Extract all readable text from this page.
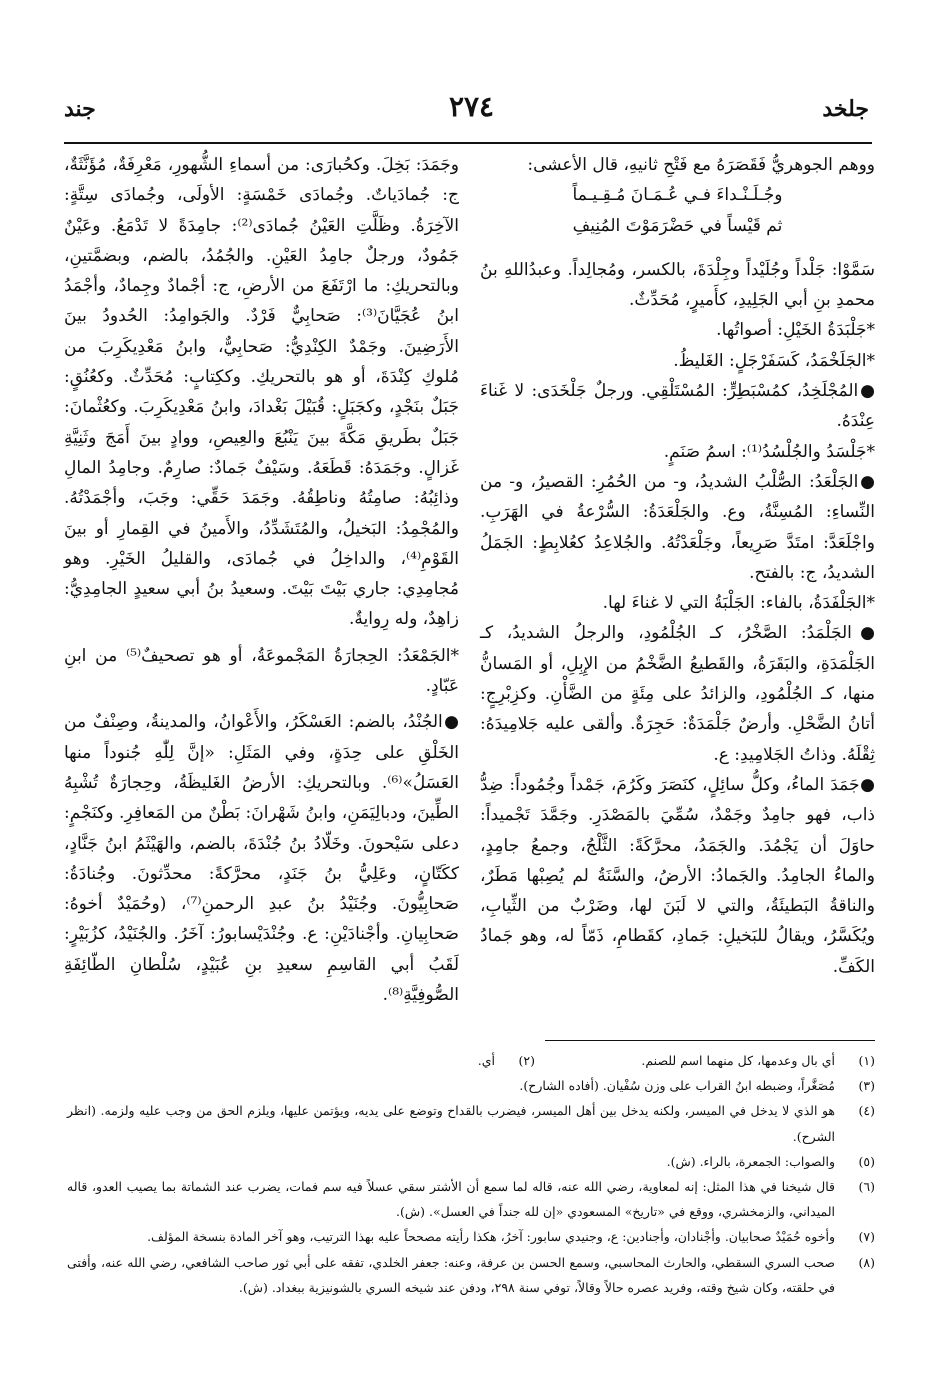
جلخد
٢٧٤
جند

ووهم الجوهريُّ فَقَصَرَهُ مع فَتْحِ ثانيهِ، قال الأعشى:

وجُـلَـنْـداءَ فـي عُـمَـانَ مُـقِـيـماً

ثم قَيْساً في حَضْرَمَوْتَ المُنِيفِ

سَمَّوْا: جَلْداً وجُلَيْداً وجِلْدَةَ، بالكسر، ومُجالِداً. وعبدُاللهِ بنُ محمدِ بنِ أبي الجَلِيدِ، كأَميرٍ، مُحَدِّثٌ.

*جَلْبَدَةُ الخَيْلِ: أصواتُها.

*الجَلَخْمَدُ، كَسَفَرْجَلٍ: الغَليظُ.

●المُجْلَخِدُ، كمُسْبَطِرٍّ: المُسْتَلْقِي. ورجلٌ جَلْخَدَى: لا غَناءَ عِنْدَهُ.

*جَلْسَدُ والجُلْسُدُ⁽¹⁾: اسمُ صَنَمٍ.

●الجَلْعَدُ: الصُّلْبُ الشديدُ، و- من الحُمُرِ: القصيرُ، و- من النِّساءِ: المُسِنَّةُ، وع. والجَلْعَدَةُ: السُّرْعةُ في الهَرَبِ. واجْلَعَدَّ: امتَدَّ صَرِيعاً، وجَلْعَدْتُهُ. والجُلاعِدُ كعُلابِطٍ: الجَمَلُ الشديدُ، ج: بالفتح.

*الجَلْفَدَةُ، بالفاء: الجَلْبَةُ التي لا غناءَ لها.

●الجَلْمَدُ: الصَّخْرُ، كـ الجُلْمُودِ، والرجلُ الشديدُ، كـ الجَلْمَدَةِ، والبَقَرَةُ، والقَطيعُ الضَّخْمُ من الإِبِلِ، أو المَسانُّ منها، كـ الجُلْمُودِ، والزائدُ على مِئَةٍ من الضَّأْنِ. وكزِبْرِجٍ: أتانُ الضَّحْلِ. وأرضٌ جَلْمَدَةٌ: حَجِرَةٌ. وألقى عليه جَلامِيدَهُ: ثِقْلَهُ. وذاتُ الجَلامِيدِ: ع.

●جَمَدَ الماءُ، وكلُّ سائِلٍ، كنَصَرَ وكَرُمَ، جَمْداً وجُمُوداً: ضِدُّ ذاب، فهو جامِدٌ وجَمْدٌ، سُمِّيَ بالمَصْدَرِ. وجَمَّدَ تَجْميداً: حاوَلَ أن يَجْمُدَ. والجَمَدُ، محرَّكَةً: الثَّلْجُ، وجمعُ جامِدٍ، والماءُ الجامِدُ. والجَمادُ: الأرضُ، والسَّنَةُ لم يُصِبْها مَطَرٌ، والناقةُ البَطيئَةُ، والتي لا لَبَنَ لها، وضَرْبٌ من الثِّيابِ، ويُكَسَّرُ، ويقالُ للبَخيلِ: جَمادِ، كقَطامِ، ذَمّاً له، وهو جَمادُ الكَفِّ.

وجَمَدَ: بَخِلَ. وكحُبارَى: من أسماءِ الشُّهورِ، مَعْرِفَةٌ، مُؤَنَّثَةٌ، ج: جُمادَياتٌ. وجُمادَى خَمْسَةٍ: الأولَى، وجُمادَى سِتَّةٍ: الآخِرَةُ. وظَلَّتِ العَيْنُ جُمادَى⁽²⁾: جامِدَةً لا تَدْمَعُ. وعَيْنٌ جَمُودٌ، ورجلٌ جامِدُ العَيْنِ. والجُمُدُ، بالضم، وبضمَّتينِ، وبالتحريكِ: ما ارْتَفَعَ من الأرضِ، ج: أجْمادٌ وجِمادٌ، وأجْمَدُ ابنُ عُجَيَّانَ⁽³⁾: صَحابِيٌّ فَرْدٌ. والجَوامِدُ: الحُدودُ بينَ الأَرَضِينَ. وجَمْدٌ الكِنْدِيُّ: صَحابِيٌّ، وابنُ مَعْدِيكَرِبَ من مُلوكِ كِنْدَةَ، أو هو بالتحريكِ. وككِتابٍ: مُحَدِّثٌ. وكعُنُقٍ: جَبَلٌ بنَجْدٍ، وكجَبَلٍ: قُبَيْلَ بَغْدادَ، وابنُ مَعْدِيكَرِبَ. وكعُثْمانَ: جَبَلٌ بطَريقِ مَكَّةَ بينَ يَنْبُعَ والعِيصِ، ووادٍ بينَ أَمَجَ وثَنِيَّةِ غَزالٍ. وجَمَدَهُ: قَطَعَهُ. وسَيْفٌ جَمادٌ: صارِمٌ. وجامِدُ المالِ وذائِبُهُ: صامِتُهُ وناطِقُهُ. وجَمَدَ حَقِّي: وجَبَ، وأجْمَدْتُهُ. والمُجْمِدُ: البَخيلُ، والمُتَشَدِّدُ، والأَمينُ في القِمارِ أو بينَ القَوْمِ⁽⁴⁾، والداخِلُ في جُمادَى، والقليلُ الخَيْرِ. وهو مُجامِدِي: جاري بَيْتَ بَيْتَ. وسعيدُ بنُ أبي سعيدٍ الجامِدِيُّ: زاهِدٌ، وله رِوايةٌ.

*الجَمْعَدُ: الحِجارَةُ المَجْموعَةُ، أو هو تصحيفٌ⁽⁵⁾ من ابنِ عَبّادٍ.

●الجُنْدُ، بالضم: العَسْكَرُ، والأَعْوانُ، والمدينةُ، وصِنْفٌ من الخَلْقِ على حِدَةٍ، وفي المَثَلِ: «إنَّ لِلّٰهِ جُنوداً منها العَسَلُ»⁽⁶⁾. وبالتحريكِ: الأرضُ الغَليظَةُ، وحِجارَةٌ تُشْبِهُ الطِّينَ، ودبالِيَمَنِ، وابنُ شَهْرانَ: بَطْنٌ من المَعافِرِ. وكنَجْمٍ: دعلى سَيْحونَ. وخَلّادُ بنُ جُنْدَةَ، بالضم، والهَيْثَمُ ابنُ جَنَّادٍ، ككَتّانٍ، وعَلِيُّ بنُ جَنَدٍ، محرَّكةً: محدِّثونَ. وجُنادَةُ: صَحابِيُّونَ. وجُنَيْدُ بنُ عبدِ الرحمنِ⁽⁷⁾، (وحُمَيْدٌ أخوهُ: صَحابِيانِ. وأجْنادَيْنِ: ع. وجُنْدَيْسابورُ: آخَرُ. والجُنَيْدُ، كزُبَيْرٍ: لَقَبُ أبي القاسِمِ سعيدِ بنِ عُبَيْدٍ، سُلْطانِ الطّائِفَةِ الصُّوفِيَّةِ⁽⁸⁾.

(١)
أي بال وعدمها، كل منهما اسم للصنم.
(٢)
أي.
(٣)
مُصَغَّراً، وضبطه ابنُ القراب على وزن سُفْيان. (أفاده الشارح).
(٤)
هو الذي لا يدخل في الميسر، ولكنه يدخل بين أهل الميسر، فيضرب بالقداح وتوضع على يديه، ويؤتمن عليها، ويلزم الحق من وجب عليه ولزمه. (انظر الشرح).
(٥)
والصواب: الجمعرة، بالراء. (ش).
(٦)
قال شيخنا في هذا المثل: إنه لمعاوية، رضي الله عنه، قاله لما سمع أن الأشتر سقي عسلاً فيه سم فمات، يضرب عند الشماتة بما يصيب العدو، قاله الميداني، والزمخشري، ووقع في «تاريخ» المسعودي «إن لله جنداً في العسل». (ش).
(٧)
وأخوه حُمَيْدٌ صحابيان. وأجْنادان، وأجنادين: ع، وجنيدي سابور: آخرُ، هكذا رأيته مصححاً عليه بهذا الترتيب، وهو آخر المادة بنسخة المؤلف.
(٨)
صحب السري السقطي، والحارث المحاسبي، وسمع الحسن بن عرفة، وعنه: جعفر الخلدي، تفقه على أبي ثور صاحب الشافعي، رضي الله عنه، وأفتى في حلقته، وكان شيخ وقته، وفريد عصره حالاً وقالاً، توفي سنة ٢٩٨، ودفن عند شيخه السري بالشونيزية ببغداد. (ش).
